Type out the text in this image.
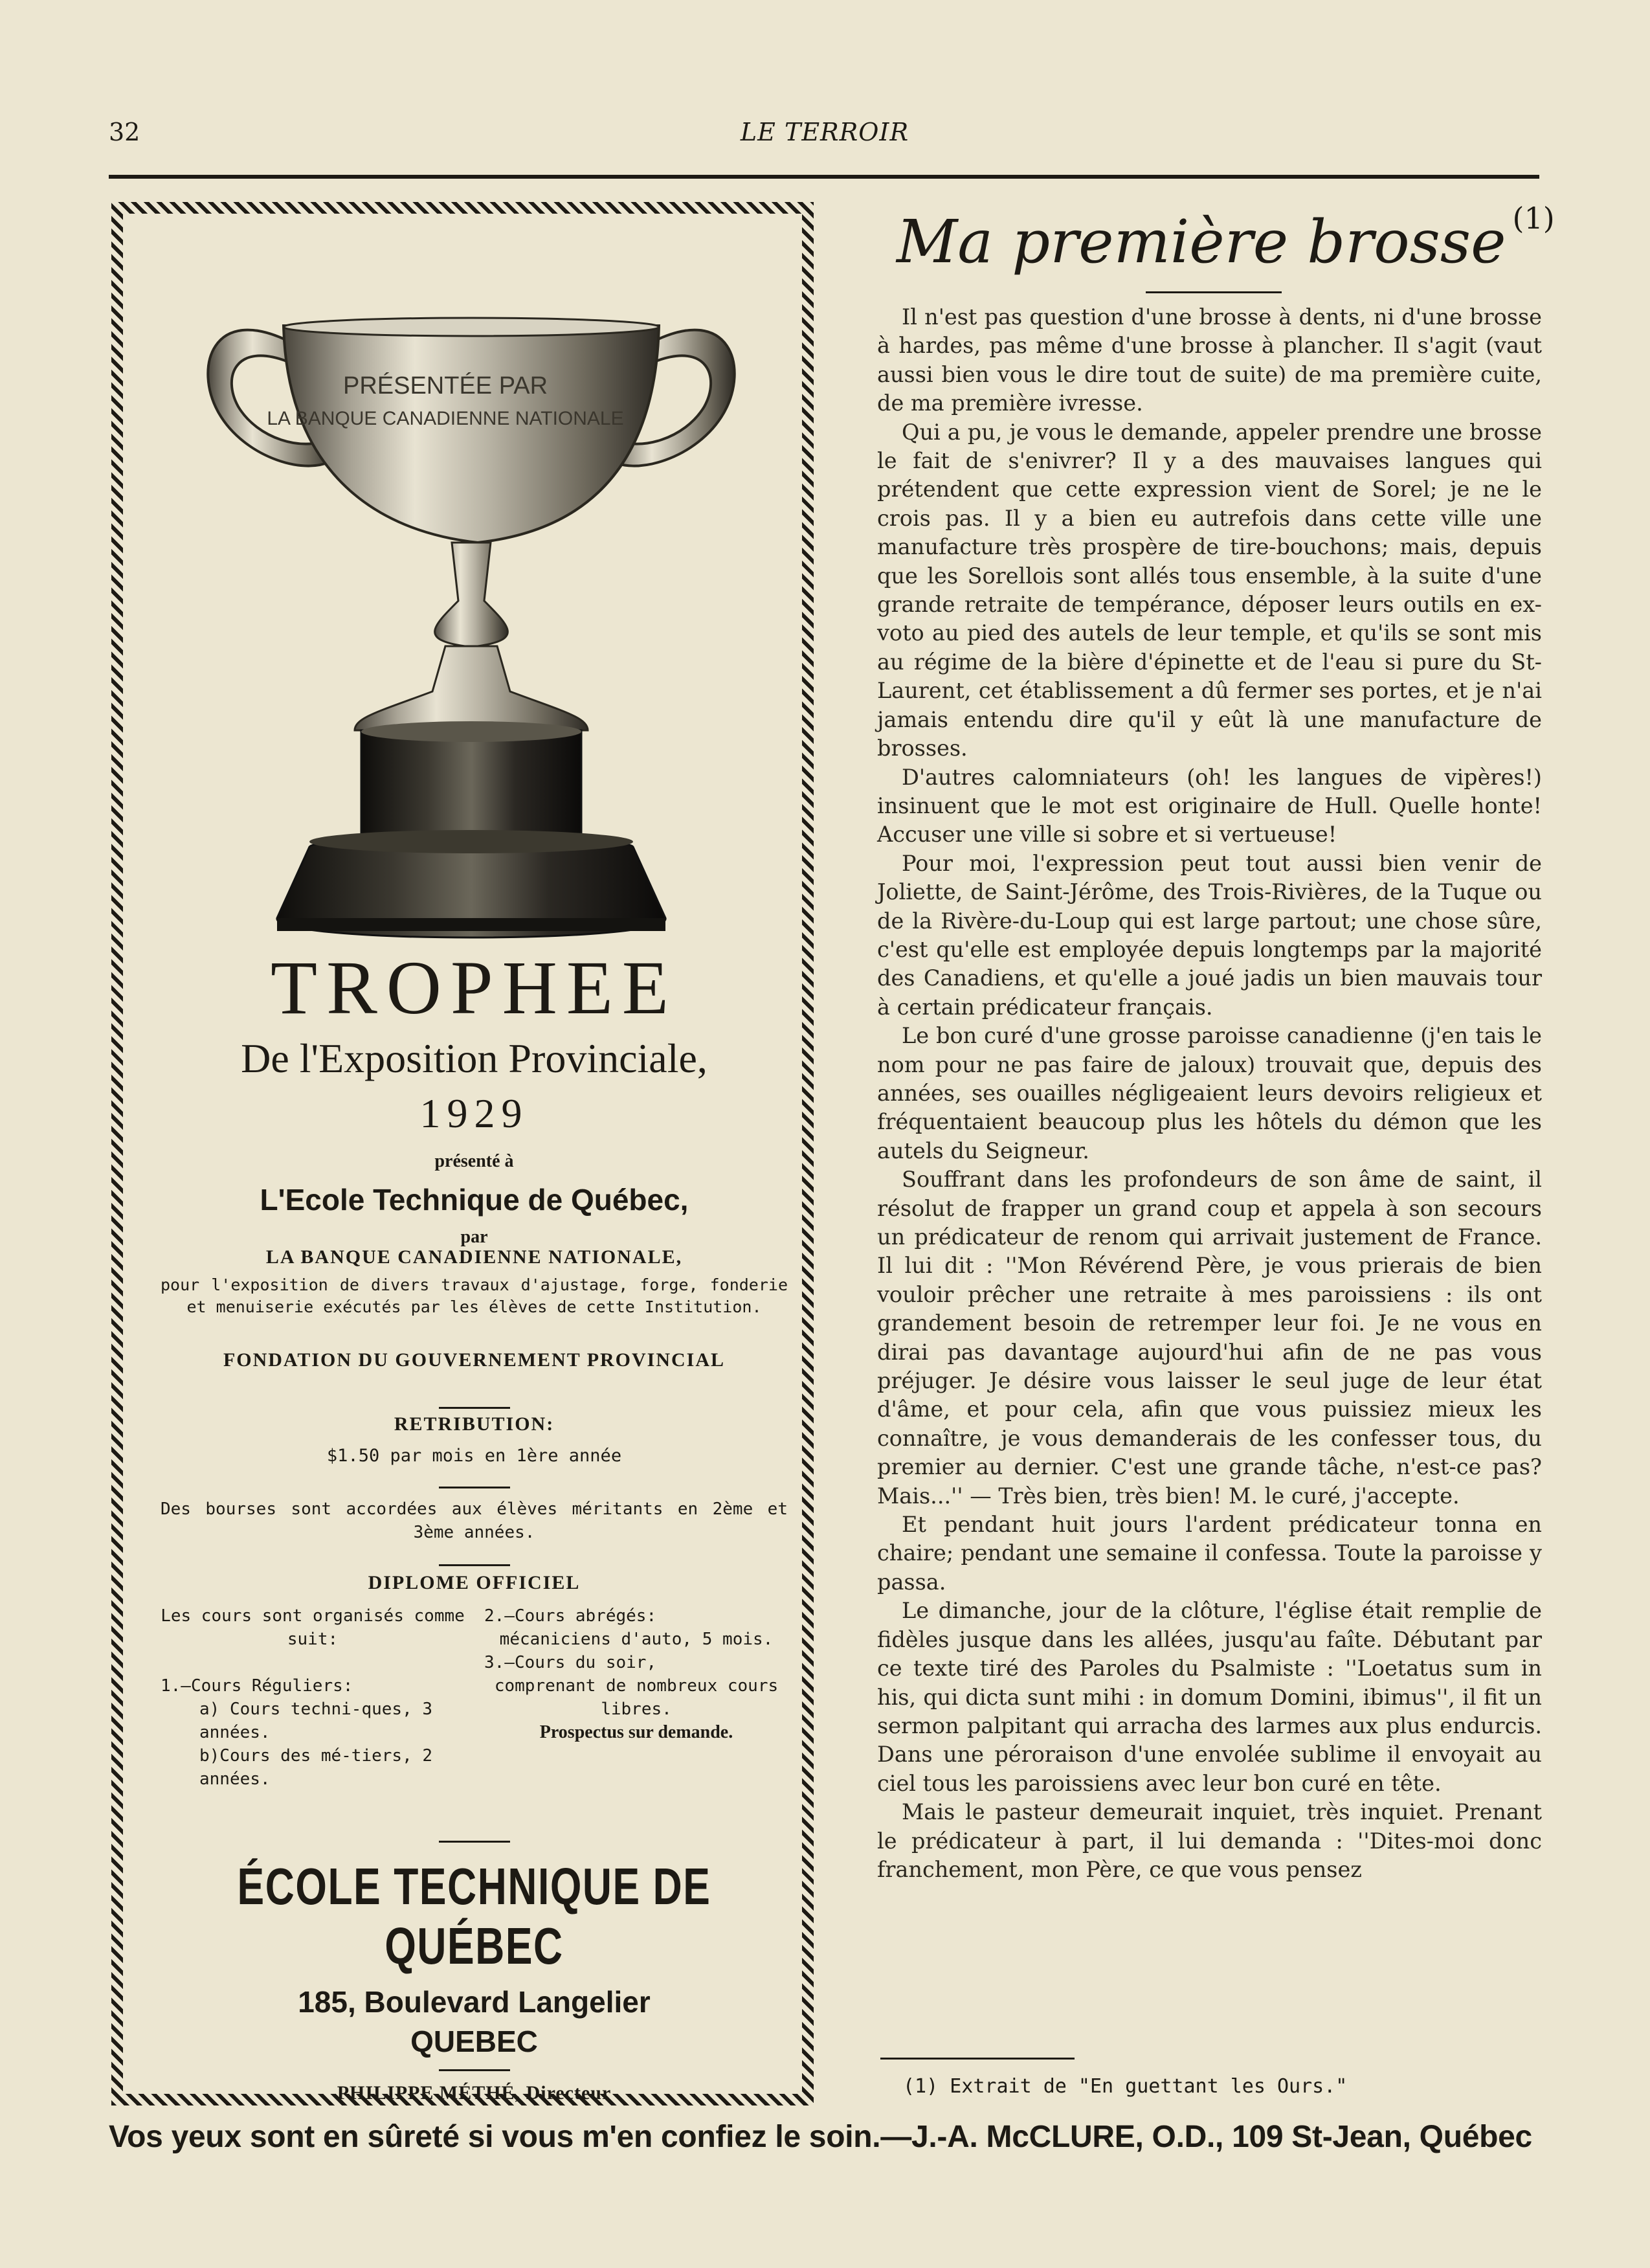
32	LE TERROIR
PRÉSENTÉE PAR
LA BANQUE CANADIENNE NATIONALE
TROPHEE
De l'Exposition Provinciale,
1929
présenté à
L'Ecole Technique de Québec,
par
LA BANQUE CANADIENNE NATIONALE,
pour l'exposition de divers travaux d'ajustage, forge, fonderie et menuiserie exécutés par les élèves de cette Institution.
FONDATION DU GOUVERNEMENT PROVINCIAL
RETRIBUTION:
$1.50 par mois en 1ère année
Des bourses sont accordées aux élèves méritants en 2ème et 3ème années.
DIPLOME OFFICIEL

Les cours sont organisés comme suit:

1.—Cours Réguliers:

a) Cours techni-ques, 3 années.

b)Cours des mé-tiers, 2 années.

2.—Cours abrégés:

mécaniciens d'auto, 5 mois.

3.—Cours du soir,

comprenant de nombreux cours libres.

Prospectus sur demande.

ÉCOLE TECHNIQUE DE
QUÉBEC
185, Boulevard Langelier
QUEBEC
PHILIPPE MÉTHÉ, Directeur
Ma première brosse $^{(1)}$

Il n'est pas question d'une brosse à dents, ni d'une brosse à hardes, pas même d'une brosse à plancher. Il s'agit (vaut aussi bien vous le dire tout de suite) de ma première cuite, de ma première ivresse.

Qui a pu, je vous le demande, appeler prendre une brosse le fait de s'enivrer? Il y a des mauvaises langues qui prétendent que cette expression vient de Sorel; je ne le crois pas. Il y a bien eu autrefois dans cette ville une manufacture très prospère de tire-bouchons; mais, depuis que les Sorellois sont allés tous ensemble, à la suite d'une grande retraite de tempérance, déposer leurs outils en ex-voto au pied des autels de leur temple, et qu'ils se sont mis au régime de la bière d'épinette et de l'eau si pure du St-Laurent, cet établissement a dû fermer ses portes, et je n'ai jamais entendu dire qu'il y eût là une manufacture de brosses.

D'autres calomniateurs (oh! les langues de vipères!) insinuent que le mot est originaire de Hull. Quelle honte! Accuser une ville si sobre et si vertueuse!

Pour moi, l'expression peut tout aussi bien venir de Joliette, de Saint-Jérôme, des Trois-Rivières, de la Tuque ou de la Rivère-du-Loup qui est large partout; une chose sûre, c'est qu'elle est employée depuis longtemps par la majorité des Canadiens, et qu'elle a joué jadis un bien mauvais tour à certain prédicateur français.

Le bon curé d'une grosse paroisse canadienne (j'en tais le nom pour ne pas faire de jaloux) trouvait que, depuis des années, ses ouailles négligeaient leurs devoirs religieux et fréquentaient beaucoup plus les hôtels du démon que les autels du Seigneur.

Souffrant dans les profondeurs de son âme de saint, il résolut de frapper un grand coup et appela à son secours un prédicateur de renom qui arrivait justement de France. Il lui dit : ''Mon Révérend Père, je vous prierais de bien vouloir prêcher une retraite à mes paroissiens : ils ont grandement besoin de retremper leur foi. Je ne vous en dirai pas davantage aujourd'hui afin de ne pas vous préjuger. Je désire vous laisser le seul juge de leur état d'âme, et pour cela, afin que vous puissiez mieux les connaître, je vous demanderais de les confesser tous, du premier au dernier. C'est une grande tâche, n'est-ce pas? Mais...'' — Très bien, très bien! M. le curé, j'accepte.

Et pendant huit jours l'ardent prédicateur tonna en chaire; pendant une semaine il confessa. Toute la paroisse y passa.

Le dimanche, jour de la clôture, l'église était remplie de fidèles jusque dans les allées, jusqu'au faîte. Débutant par ce texte tiré des Paroles du Psalmiste : ''Loetatus sum in his, qui dicta sunt mihi : in domum Domini, ibimus'', il fit un sermon palpitant qui arracha des larmes aux plus endurcis. Dans une péroraison d'une envolée sublime il envoyait au ciel tous les paroissiens avec leur bon curé en tête.

Mais le pasteur demeurait inquiet, très inquiet. Prenant le prédicateur à part, il lui demanda : ''Dites-moi donc franchement, mon Père, ce que vous pensez

(1) Extrait de "En guettant les Ours."
Vos yeux sont en sûreté si vous m'en confiez le soin.—J.-A. McCLURE, O.D., 109 St-Jean, Québec
